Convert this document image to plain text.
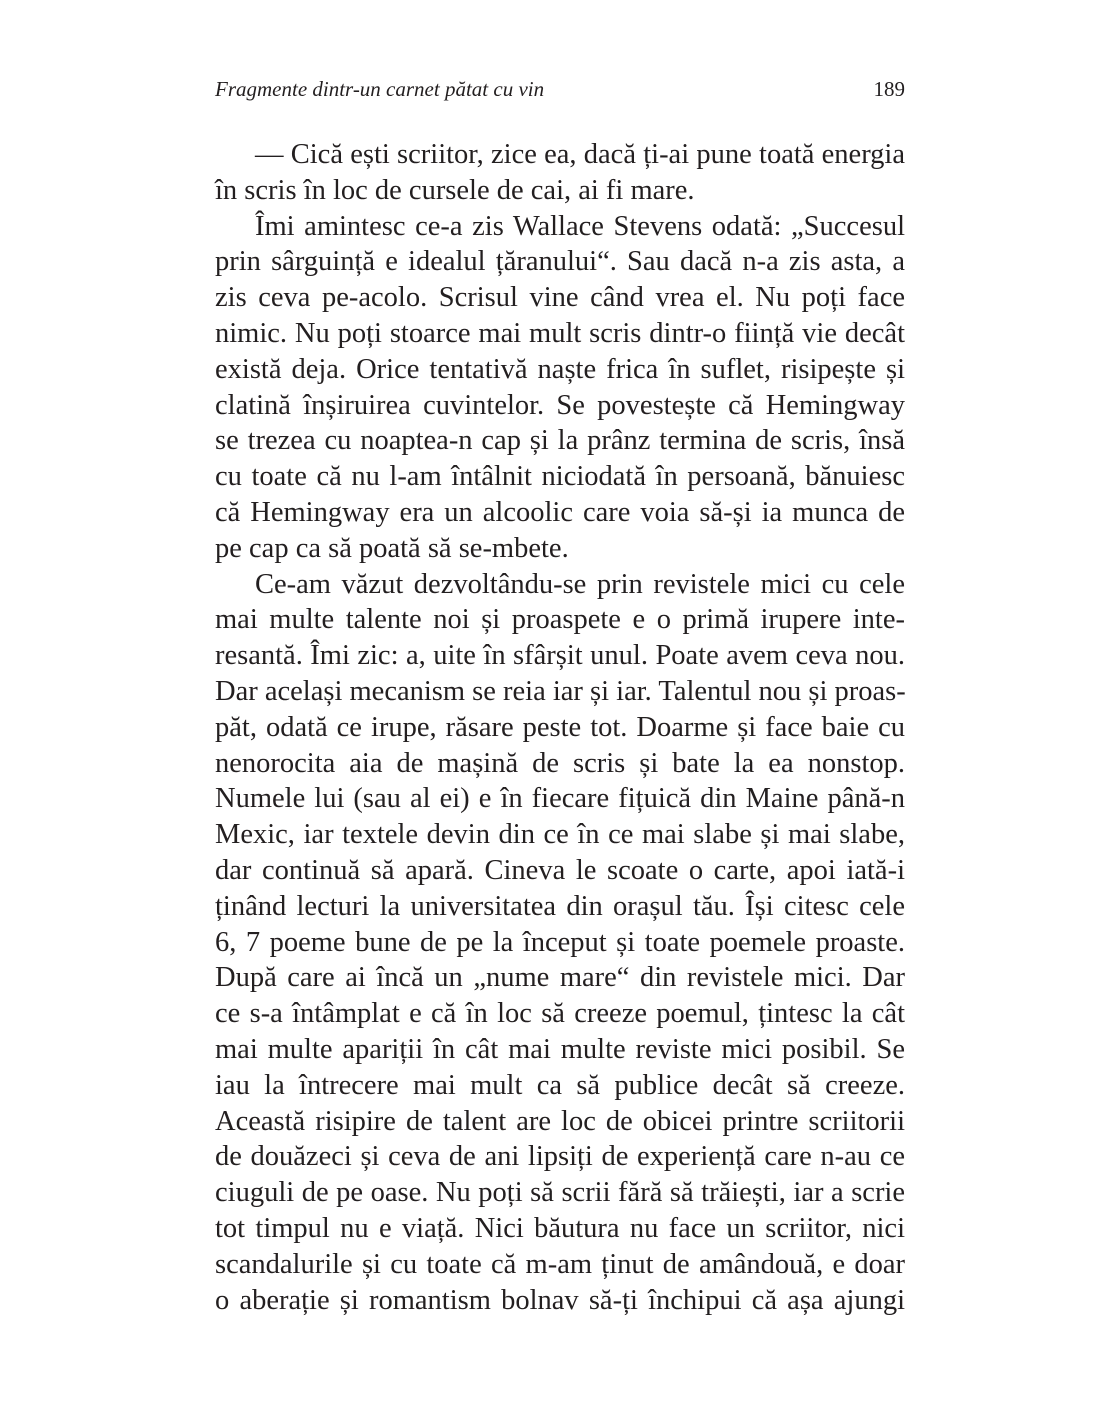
Fragmente dintr-un carnet pătat cu vin	189
— Cică ești scriitor, zice ea, dacă ți-ai pune toată energia
în scris în loc de cursele de cai, ai fi mare.
Îmi amintesc ce-a zis Wallace Stevens odată: „Succesul
prin sârguință e idealul țăranului“. Sau dacă n-a zis asta, a
zis ceva pe-acolo. Scrisul vine când vrea el. Nu poți face
nimic. Nu poți stoarce mai mult scris dintr-o ființă vie decât
există deja. Orice tentativă naște frica în suflet, risipește și
clatină înșiruirea cuvintelor. Se povestește că Hemingway
se trezea cu noaptea-n cap și la prânz termina de scris, însă
cu toate că nu l-am întâlnit niciodată în persoană, bănuiesc
că Hemingway era un alcoolic care voia să-și ia munca de
pe cap ca să poată să se-mbete.
Ce-am văzut dezvoltându-se prin revistele mici cu cele
mai multe talente noi și proaspete e o primă irupere inte-
resantă. Îmi zic: a, uite în sfârșit unul. Poate avem ceva nou.
Dar același mecanism se reia iar și iar. Talentul nou și proas-
păt, odată ce irupe, răsare peste tot. Doarme și face baie cu
nenorocita aia de mașină de scris și bate la ea nonstop.
Numele lui (sau al ei) e în fiecare fițuică din Maine până-n
Mexic, iar textele devin din ce în ce mai slabe și mai slabe,
dar continuă să apară. Cineva le scoate o carte, apoi iată-i
ținând lecturi la universitatea din orașul tău. Își citesc cele
6, 7 poeme bune de pe la început și toate poemele proaste.
După care ai încă un „nume mare“ din revistele mici. Dar
ce s-a întâmplat e că în loc să creeze poemul, țintesc la cât
mai multe apariții în cât mai multe reviste mici posibil. Se
iau la întrecere mai mult ca să publice decât să creeze.
Această risipire de talent are loc de obicei printre scriitorii
de douăzeci și ceva de ani lipsiți de experiență care n-au ce
ciuguli de pe oase. Nu poți să scrii fără să trăiești, iar a scrie
tot timpul nu e viață. Nici băutura nu face un scriitor, nici
scandalurile și cu toate că m-am ținut de amândouă, e doar
o aberație și romantism bolnav să-ți închipui că așa ajungi
